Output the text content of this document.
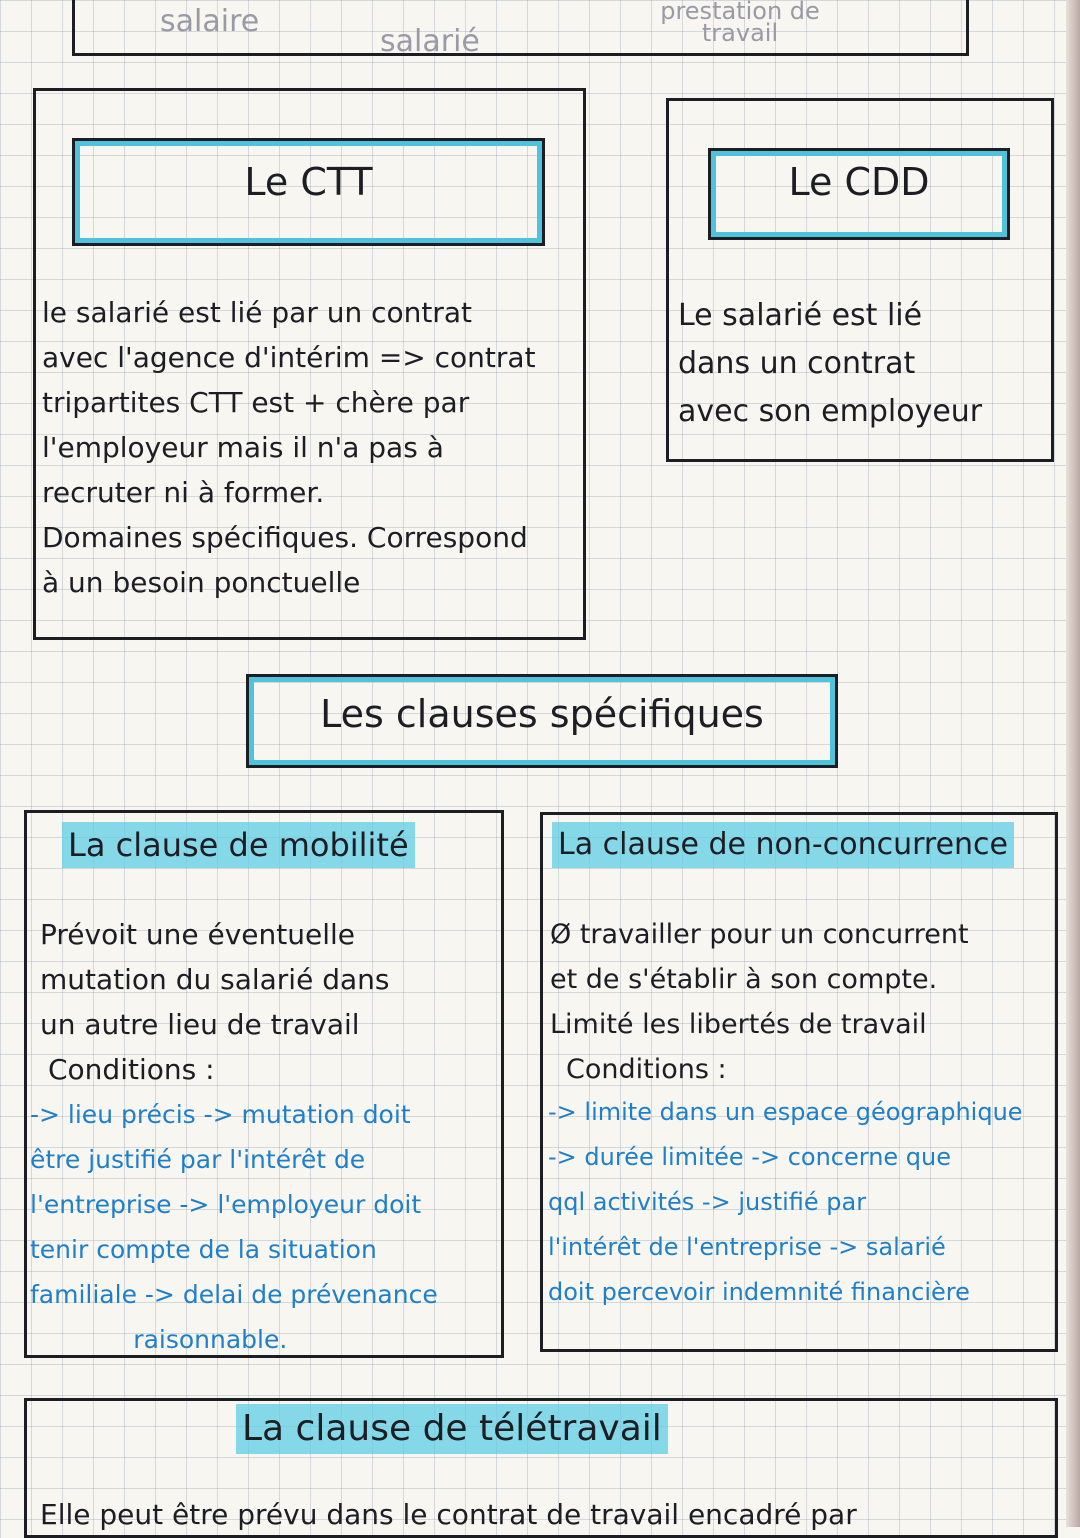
salaire
salarié
prestation de travail
Le CTT
le salarié est lié par un contrat
avec l'agence d'intérim => contrat
tripartites CTT est + chère par
l'employeur mais il n'a pas à
recruter ni à former.
Domaines spécifiques. Correspond
à un besoin ponctuelle
Le CDD
Le salarié est lié
dans un contrat
avec son employeur
Les clauses spécifiques
La clause de mobilité
Prévoit une éventuelle
mutation du salarié dans
un autre lieu de travail
Conditions :
-> lieu précis -> mutation doit
être justifié par l'intérêt de
l'entreprise -> l'employeur doit
tenir compte de la situation
familiale -> delai de prévenance
raisonnable.
La clause de non-concurrence
Ø travailler pour un concurrent
et de s'établir à son compte.
Limité les libertés de travail
Conditions :
-> limite dans un espace géographique
-> durée limitée -> concerne que
qql activités -> justifié par
l'intérêt de l'entreprise -> salarié
doit percevoir indemnité financière
La clause de télétravail
Elle peut être prévu dans le contrat de travail encadré par
